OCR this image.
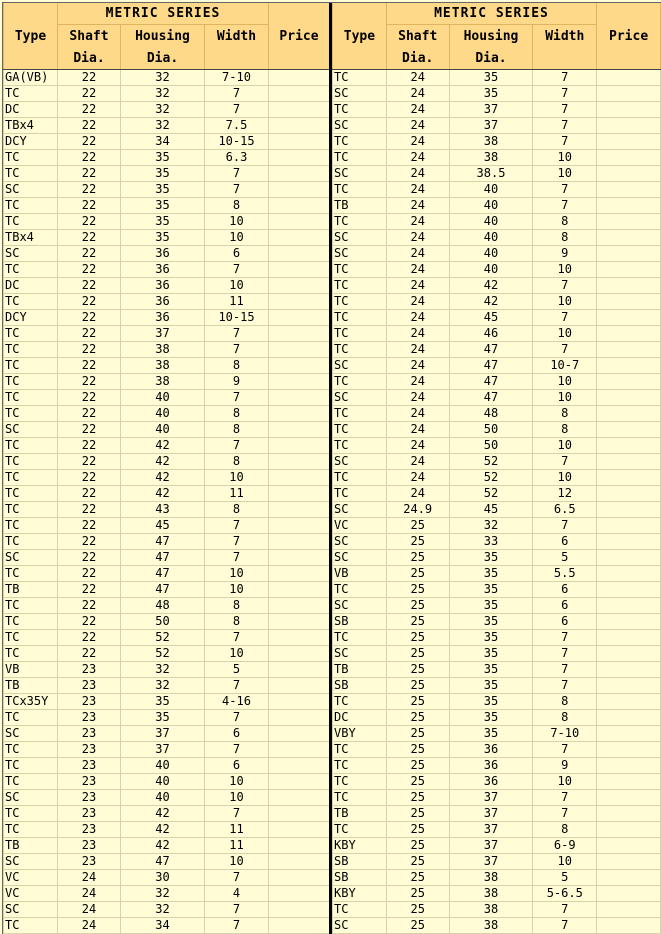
	METRIC SERIES			
Type	Shaft	Housing	Width	Price
	Dia.	Dia.		
GA(VB)	22	32	7-10	
TC	22	32	7	
DC	22	32	7	
TBx4	22	32	7.5	
DCY	22	34	10-15	
TC	22	35	6.3	
TC	22	35	7	
SC	22	35	7	
TC	22	35	8	
TC	22	35	10	
TBx4	22	35	10	
SC	22	36	6	
TC	22	36	7	
DC	22	36	10	
TC	22	36	11	
DCY	22	36	10-15	
TC	22	37	7	
TC	22	38	7	
TC	22	38	8	
TC	22	38	9	
TC	22	40	7	
TC	22	40	8	
SC	22	40	8	
TC	22	42	7	
TC	22	42	8	
TC	22	42	10	
TC	22	42	11	
TC	22	43	8	
TC	22	45	7	
TC	22	47	7	
SC	22	47	7	
TC	22	47	10	
TB	22	47	10	
TC	22	48	8	
TC	22	50	8	
TC	22	52	7	
TC	22	52	10	
VB	23	32	5	
TB	23	32	7	
TCx35Y	23	35	4-16	
TC	23	35	7	
SC	23	37	6	
TC	23	37	7	
TC	23	40	6	
TC	23	40	10	
SC	23	40	10	
TC	23	42	7	
TC	23	42	11	
TB	23	42	11	
SC	23	47	10	
VC	24	30	7	
VC	24	32	4	
SC	24	32	7	
TC	24	34	7	
	METRIC SERIES			
Type	Shaft	Housing	Width	Price
	Dia.	Dia.		
TC	24	35	7	
SC	24	35	7	
TC	24	37	7	
SC	24	37	7	
TC	24	38	7	
TC	24	38	10	
SC	24	38.5	10	
TC	24	40	7	
TB	24	40	7	
TC	24	40	8	
SC	24	40	8	
SC	24	40	9	
TC	24	40	10	
TC	24	42	7	
TC	24	42	10	
TC	24	45	7	
TC	24	46	10	
TC	24	47	7	
SC	24	47	10-7	
TC	24	47	10	
SC	24	47	10	
TC	24	48	8	
TC	24	50	8	
TC	24	50	10	
SC	24	52	7	
TC	24	52	10	
TC	24	52	12	
SC	24.9	45	6.5	
VC	25	32	7	
SC	25	33	6	
SC	25	35	5	
VB	25	35	5.5	
TC	25	35	6	
SC	25	35	6	
SB	25	35	6	
TC	25	35	7	
SC	25	35	7	
TB	25	35	7	
SB	25	35	7	
TC	25	35	8	
DC	25	35	8	
VBY	25	35	7-10	
TC	25	36	7	
TC	25	36	9	
TC	25	36	10	
TC	25	37	7	
TB	25	37	7	
TC	25	37	8	
KBY	25	37	6-9	
SB	25	37	10	
SB	25	38	5	
KBY	25	38	5-6.5	
TC	25	38	7	
SC	25	38	7	
